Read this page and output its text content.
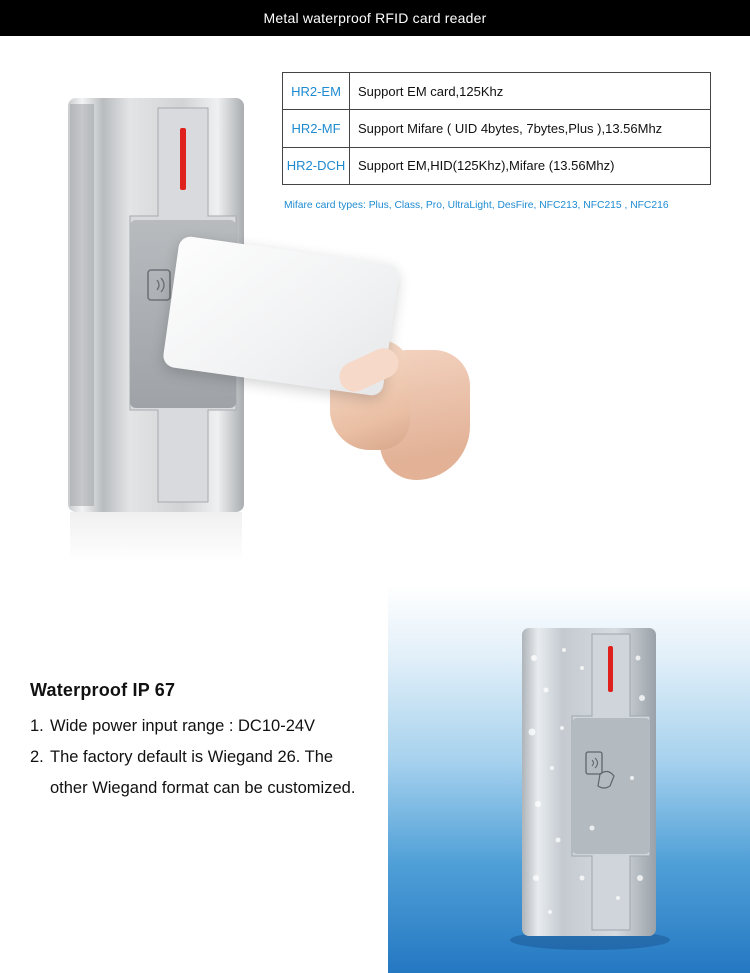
Metal waterproof RFID card reader
HR2-EM	Support EM card,125Khz
HR2-MF	Support Mifare ( UID 4bytes, 7bytes,Plus ),13.56Mhz
HR2-DCH	Support EM,HID(125Khz),Mifare (13.56Mhz)
Mifare card types: Plus, Class, Pro, UltraLight, DesFire, NFC213, NFC215 , NFC216
Waterproof IP 67
1. Wide power input range : DC10-24V
2. The factory default is Wiegand 26. The
other Wiegand format can be customized.
